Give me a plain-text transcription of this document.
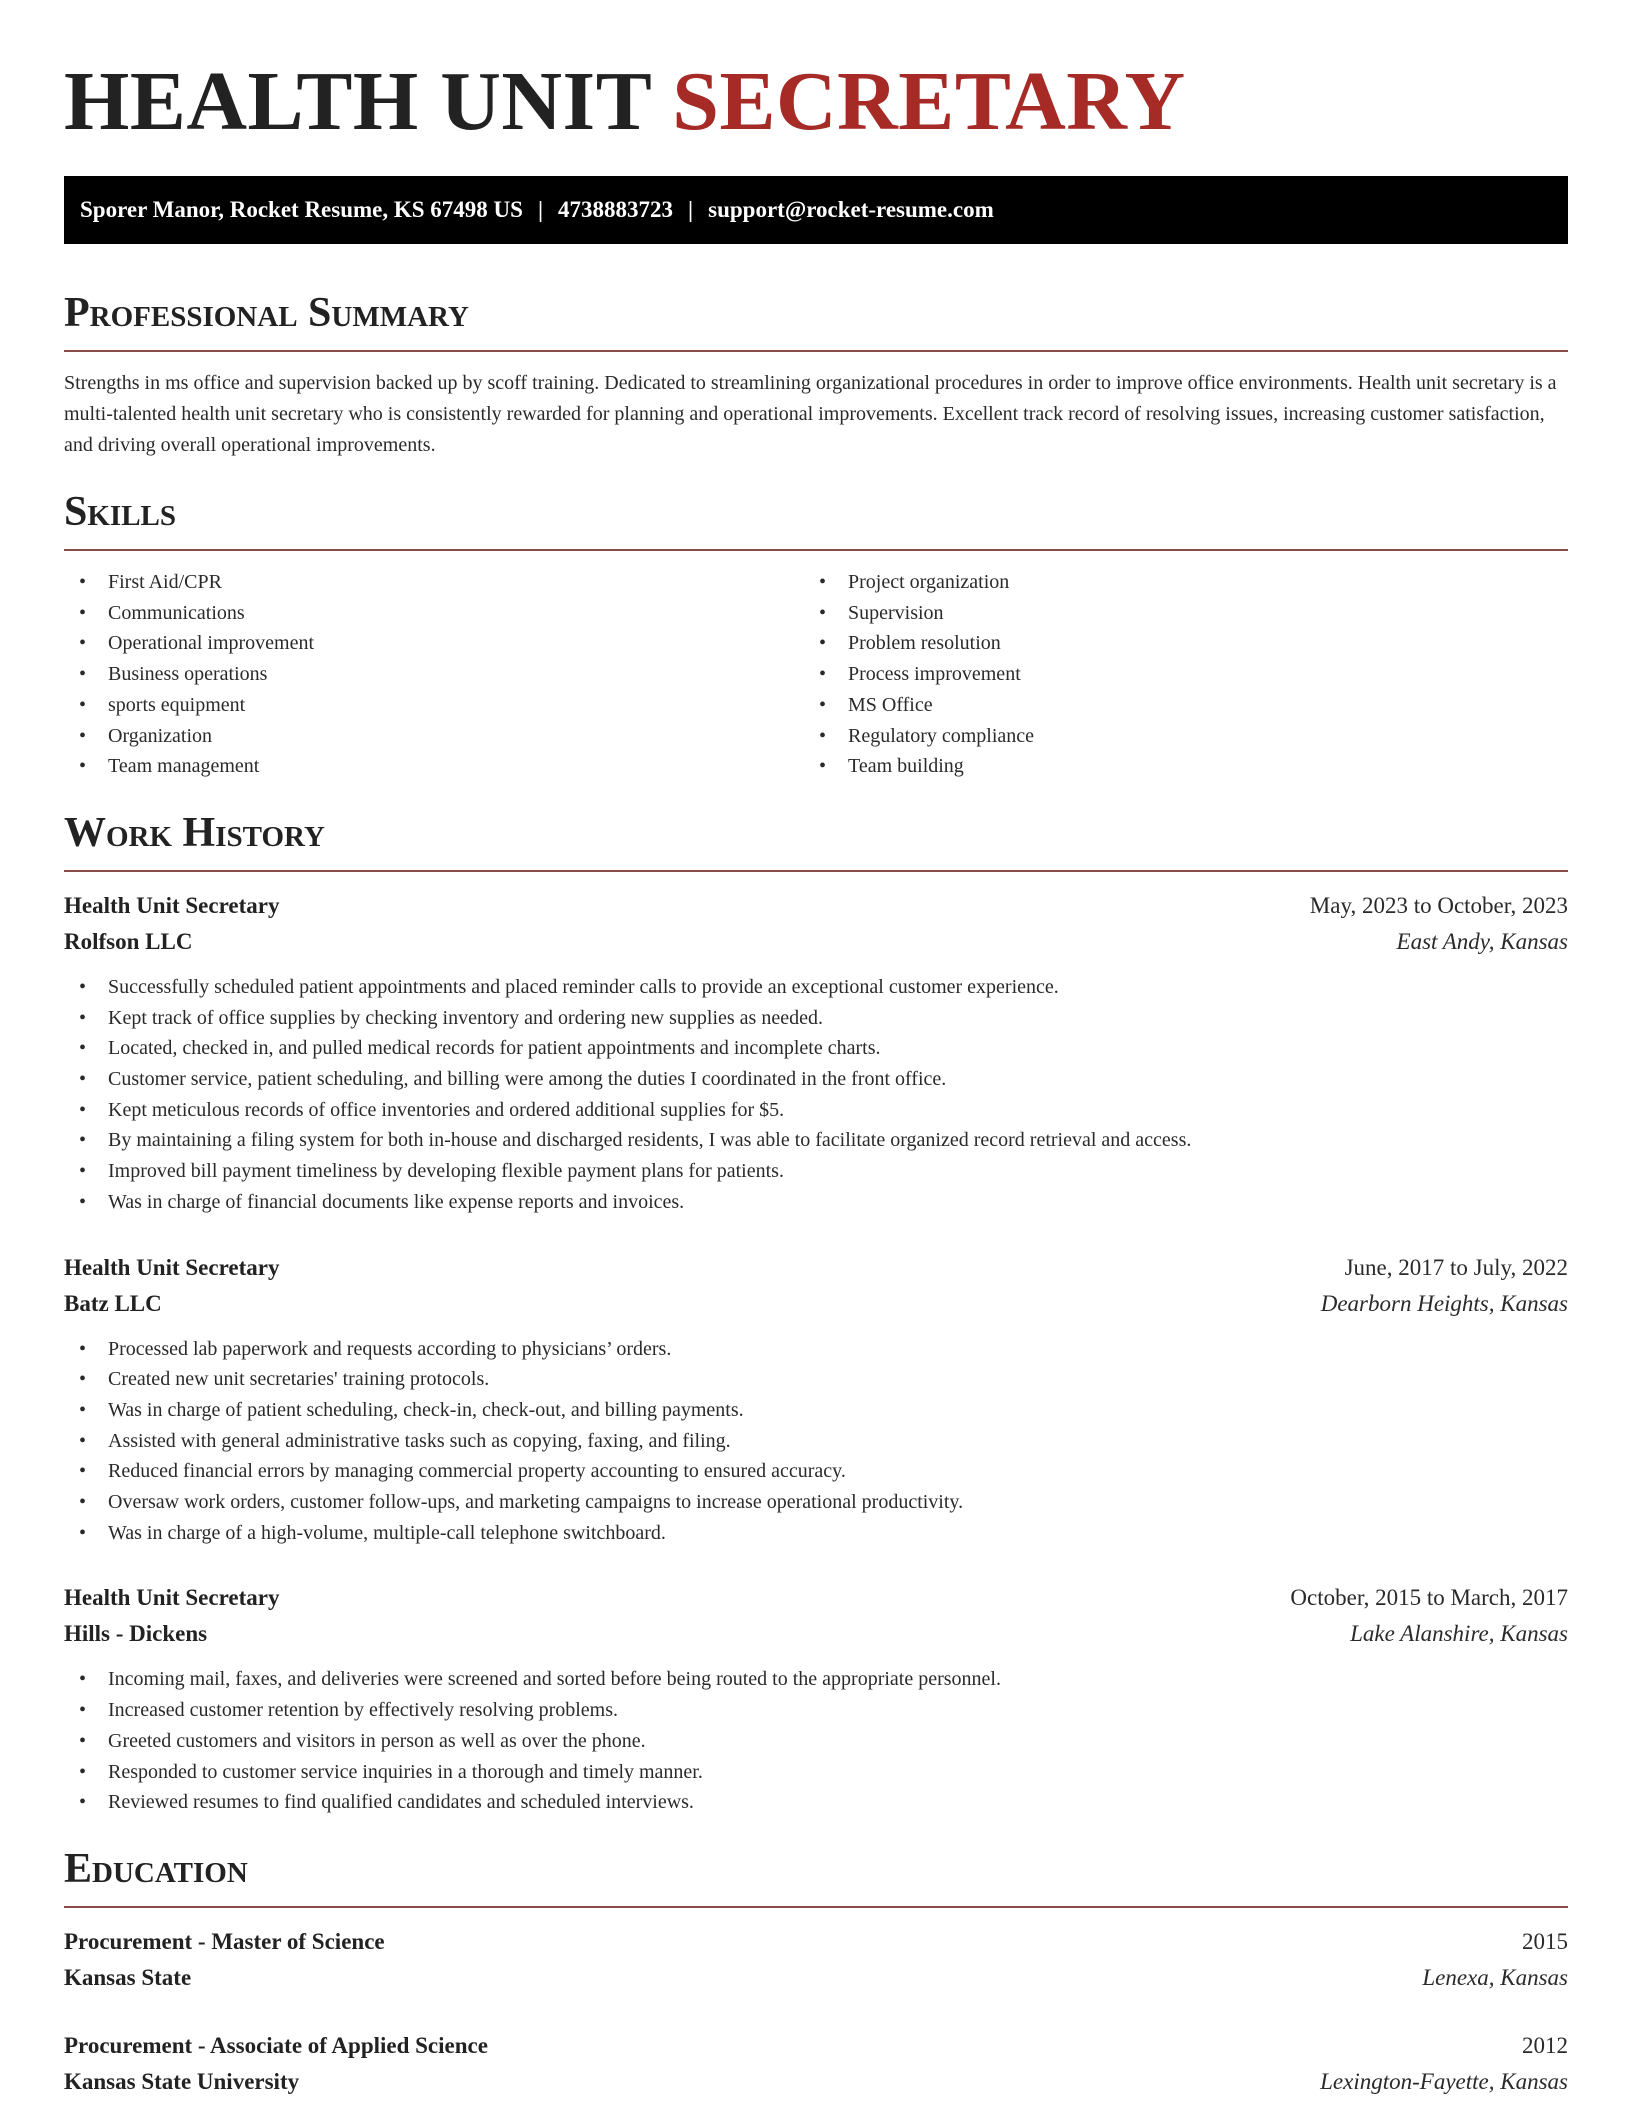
HEALTH UNIT SECRETARY
Sporer Manor, Rocket Resume, KS 67498 US | 4738883723 | support@rocket-resume.com
Professional Summary

Strengths in ms office and supervision backed up by scoff training. Dedicated to streamlining organizational procedures in order to improve office environments. Health unit secretary is a multi-talented health unit secretary who is consistently rewarded for planning and operational improvements. Excellent track record of resolving issues, increasing customer satisfaction, and driving overall operational improvements.

Skills
• First Aid/CPR
• Communications
• Operational improvement
• Business operations
• sports equipment
• Organization
• Team management
• Project organization
• Supervision
• Problem resolution
• Process improvement
• MS Office
• Regulatory compliance
• Team building
Work History
Health Unit Secretary	May, 2023 to October, 2023
Rolfson LLC	East Andy, Kansas
• Successfully scheduled patient appointments and placed reminder calls to provide an exceptional customer experience.
• Kept track of office supplies by checking inventory and ordering new supplies as needed.
• Located, checked in, and pulled medical records for patient appointments and incomplete charts.
• Customer service, patient scheduling, and billing were among the duties I coordinated in the front office.
• Kept meticulous records of office inventories and ordered additional supplies for $5.
• By maintaining a filing system for both in-house and discharged residents, I was able to facilitate organized record retrieval and access.
• Improved bill payment timeliness by developing flexible payment plans for patients.
• Was in charge of financial documents like expense reports and invoices.
Health Unit Secretary	June, 2017 to July, 2022
Batz LLC	Dearborn Heights, Kansas
• Processed lab paperwork and requests according to physicians’ orders.
• Created new unit secretaries' training protocols.
• Was in charge of patient scheduling, check-in, check-out, and billing payments.
• Assisted with general administrative tasks such as copying, faxing, and filing.
• Reduced financial errors by managing commercial property accounting to ensured accuracy.
• Oversaw work orders, customer follow-ups, and marketing campaigns to increase operational productivity.
• Was in charge of a high-volume, multiple-call telephone switchboard.
Health Unit Secretary	October, 2015 to March, 2017
Hills - Dickens	Lake Alanshire, Kansas
• Incoming mail, faxes, and deliveries were screened and sorted before being routed to the appropriate personnel.
• Increased customer retention by effectively resolving problems.
• Greeted customers and visitors in person as well as over the phone.
• Responded to customer service inquiries in a thorough and timely manner.
• Reviewed resumes to find qualified candidates and scheduled interviews.
Education
Procurement - Master of Science	2015
Kansas State	Lenexa, Kansas
Procurement - Associate of Applied Science	2012
Kansas State University	Lexington-Fayette, Kansas
